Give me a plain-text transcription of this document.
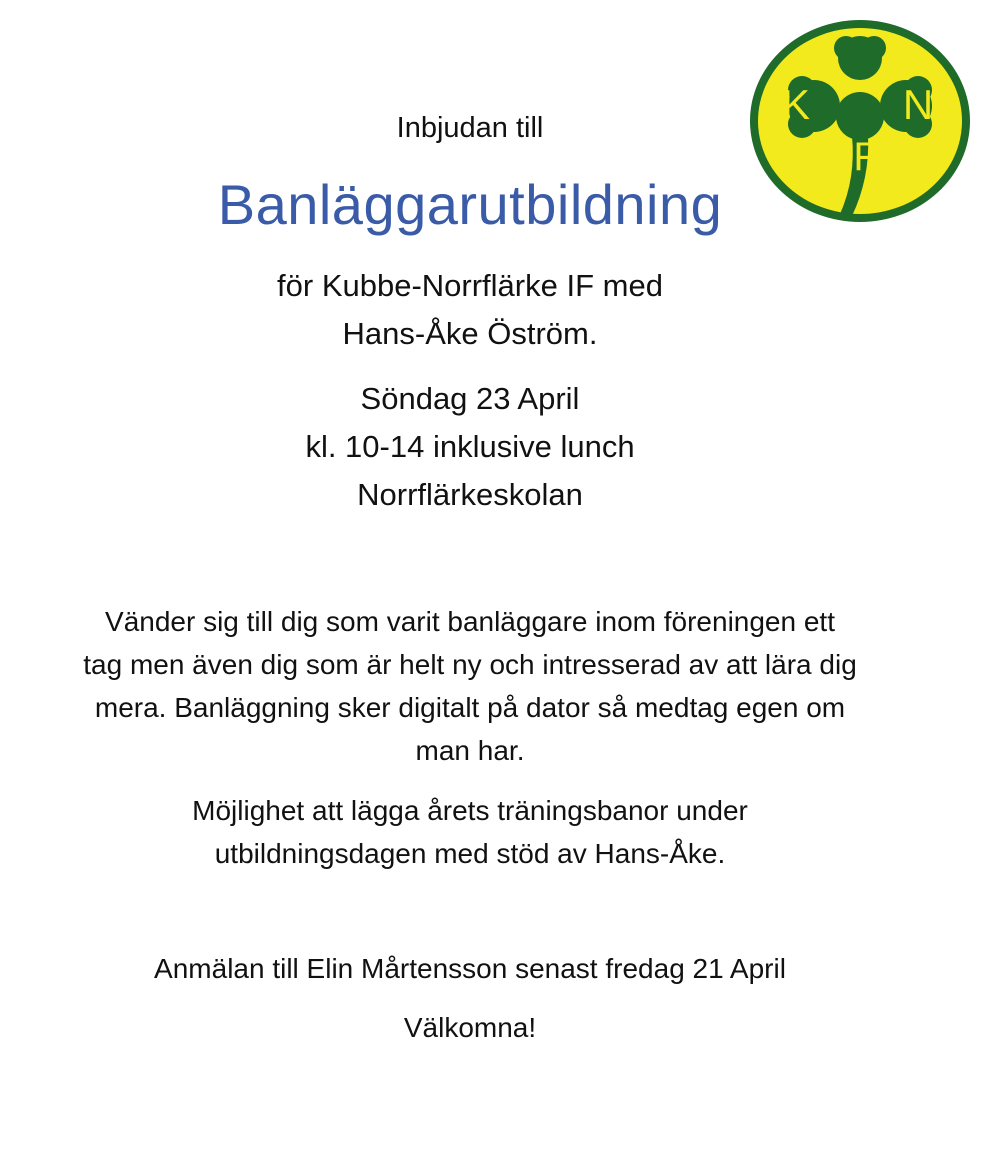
Inbjudan till
Banläggarutbildning
för Kubbe-Norrflärke IF med
Hans-Åke Öström.
Söndag 23 April
kl. 10-14 inklusive lunch
Norrflärkeskolan
Vänder sig till dig som varit banläggare inom föreningen ett
tag men även dig som är helt ny och intresserad av att lära dig
mera. Banläggning sker digitalt på dator så medtag egen om
man har.
Möjlighet att lägga årets träningsbanor under
utbildningsdagen med stöd av Hans-Åke.
Anmälan till Elin Mårtensson senast fredag 21 April
Välkomna!
K N
IF
19	36
